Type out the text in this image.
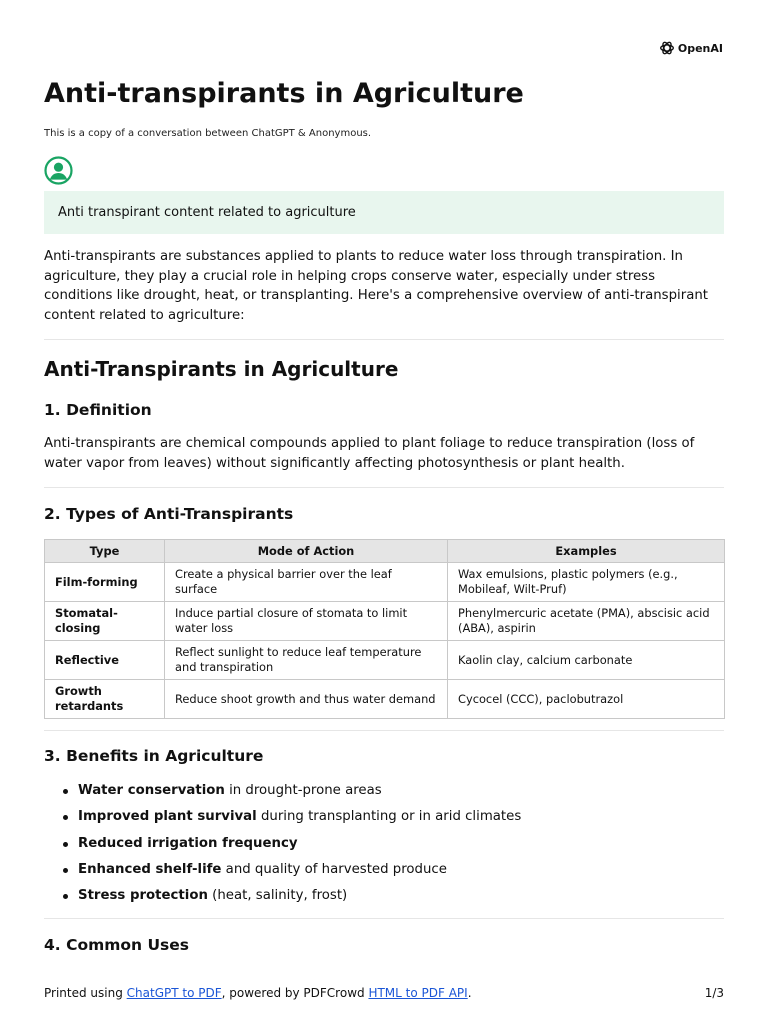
OpenAI
Anti-transpirants in Agriculture
This is a copy of a conversation between ChatGPT & Anonymous.
Anti transpirant content related to agriculture

Anti-transpirants are substances applied to plants to reduce water loss through transpiration. In agriculture, they play a crucial role in helping crops conserve water, especially under stress conditions like drought, heat, or transplanting. Here's a comprehensive overview of anti-transpirant content related to agriculture:

Anti-Transpirants in Agriculture
1. Definition

Anti-transpirants are chemical compounds applied to plant foliage to reduce transpiration (loss of water vapor from leaves) without significantly affecting photosynthesis or plant health.

2. Types of Anti-Transpirants
Type	Mode of Action	Examples
Film-forming	Create a physical barrier over the leaf surface	Wax emulsions, plastic polymers (e.g., Mobileaf, Wilt-Pruf)
Stomatal-closing	Induce partial closure of stomata to limit water loss	Phenylmercuric acetate (PMA), abscisic acid (ABA), aspirin
Reflective	Reflect sunlight to reduce leaf temperature and transpiration	Kaolin clay, calcium carbonate
Growth retardants	Reduce shoot growth and thus water demand	Cycocel (CCC), paclobutrazol
3. Benefits in Agriculture
Water conservation in drought-prone areas
Improved plant survival during transplanting or in arid climates
Reduced irrigation frequency
Enhanced shelf-life and quality of harvested produce
Stress protection (heat, salinity, frost)
4. Common Uses
Printed using ChatGPT to PDF, powered by PDFCrowd HTML to PDF API.	1/3
